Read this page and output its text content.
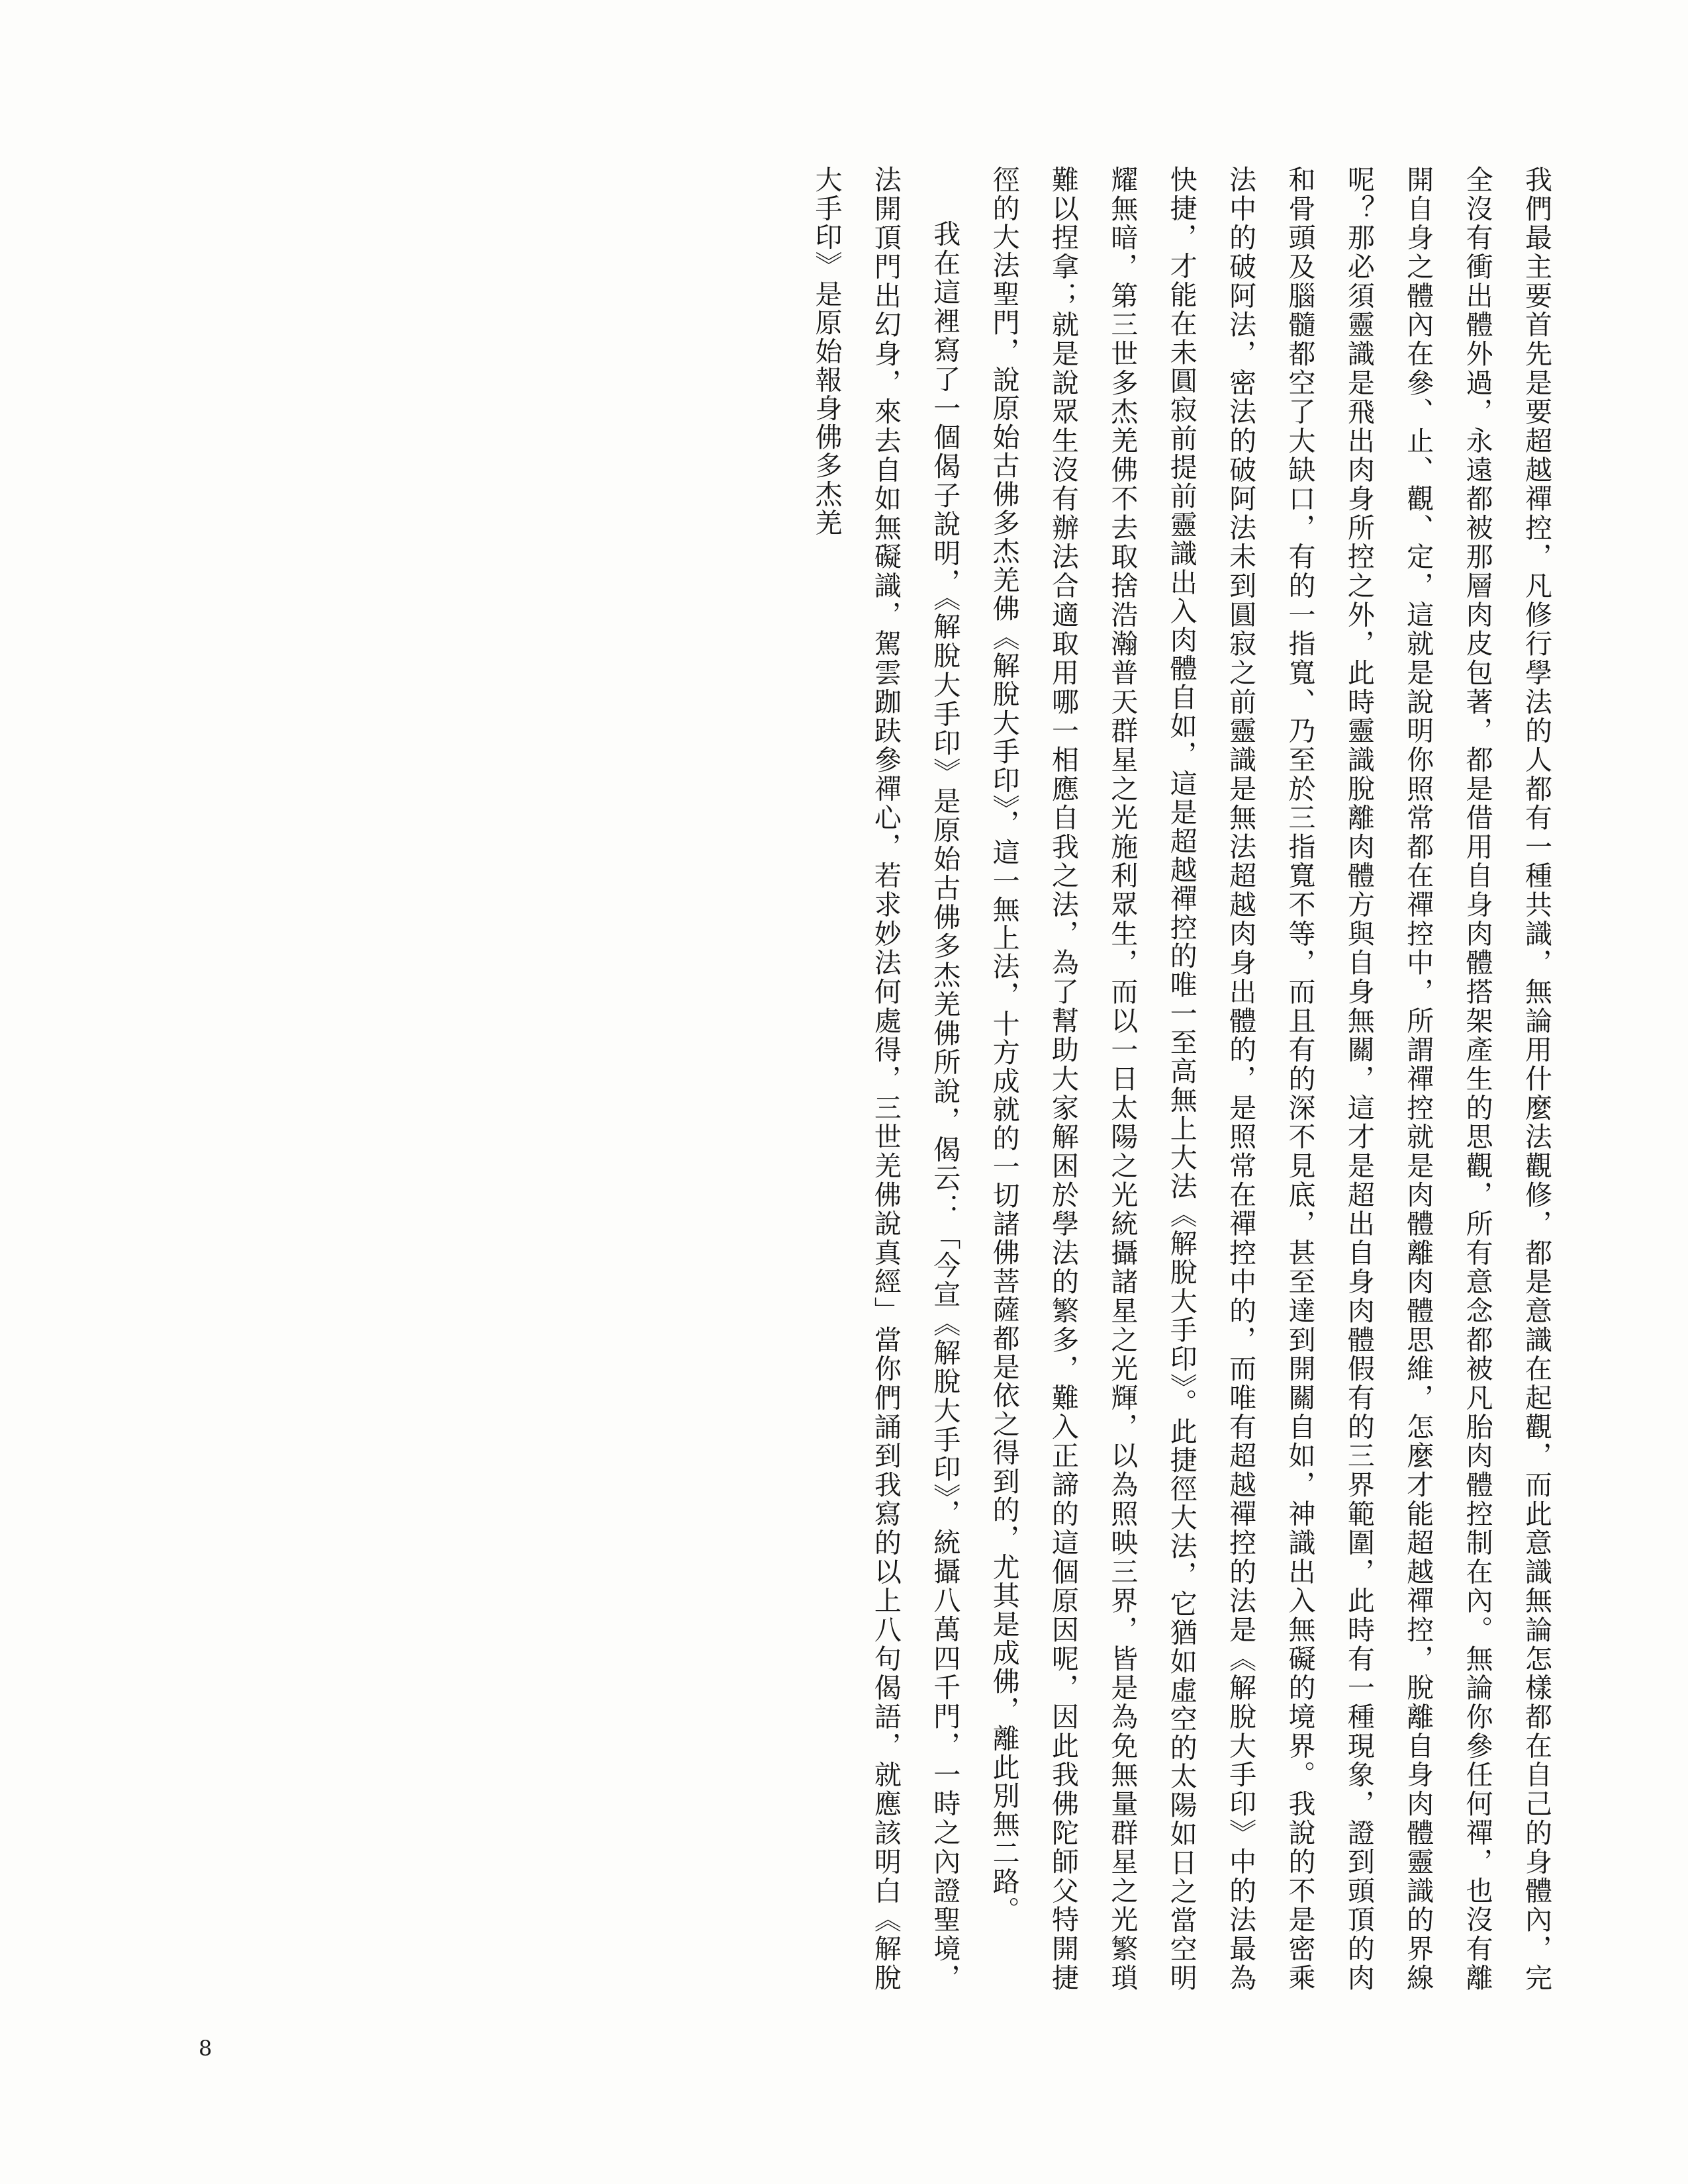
我們最主要首先是要超越禪控，凡修行學法的人都有一種共識，無論用什麼法觀修，都是意識在起觀，而此意識無論怎樣都在自己的身體內，完全沒有衝出體外過，永遠都被那層肉皮包著，都是借用自身肉體搭架產生的思觀，所有意念都被凡胎肉體控制在內。無論你參任何禪，也沒有離開自身之體內在參、止、觀、定，這就是說明你照常都在禪控中，所謂禪控就是肉體離肉體思維，怎麼才能超越禪控，脫離自身肉體靈識的界線呢？那必須靈識是飛出肉身所控之外，此時靈識脫離肉體方與自身無關，這才是超出自身肉體假有的三界範圍，此時有一種現象，證到頭頂的肉和骨頭及腦髓都空了大缺口，有的一指寬、乃至於三指寬不等，而且有的深不見底，甚至達到開關自如，神識出入無礙的境界。我說的不是密乘法中的破阿法，密法的破阿法未到圓寂之前靈識是無法超越肉身出體的，是照常在禪控中的，而唯有超越禪控的法是《解脫大手印》中的法最為快捷，才能在未圓寂前提前靈識出入肉體自如，這是超越禪控的唯一至高無上大法《解脫大手印》。此捷徑大法，它猶如虛空的太陽如日之當空明耀無暗，第三世多杰羌佛不去取捨浩瀚普天群星之光施利眾生，而以一日太陽之光統攝諸星之光輝，以為照映三界，皆是為免無量群星之光繁瑣難以捏拿；就是說眾生沒有辦法合適取用哪一相應自我之法，為了幫助大家解困於學法的繁多，難入正諦的這個原因呢，因此我佛陀師父特開捷徑的大法聖門，說原始古佛多杰羌佛《解脫大手印》，這一無上法，十方成就的一切諸佛菩薩都是依之得到的，尤其是成佛，離此別無二路。

我在這裡寫了一個偈子說明，《解脫大手印》是原始古佛多杰羌佛所說，偈云：「今宣《解脫大手印》，統攝八萬四千門，一時之內證聖境，法開頂門出幻身，來去自如無礙識，駕雲跏趺參禪心，若求妙法何處得，三世羌佛說真經」當你們誦到我寫的以上八句偈語，就應該明白《解脫大手印》是原始報身佛多杰羌

8
